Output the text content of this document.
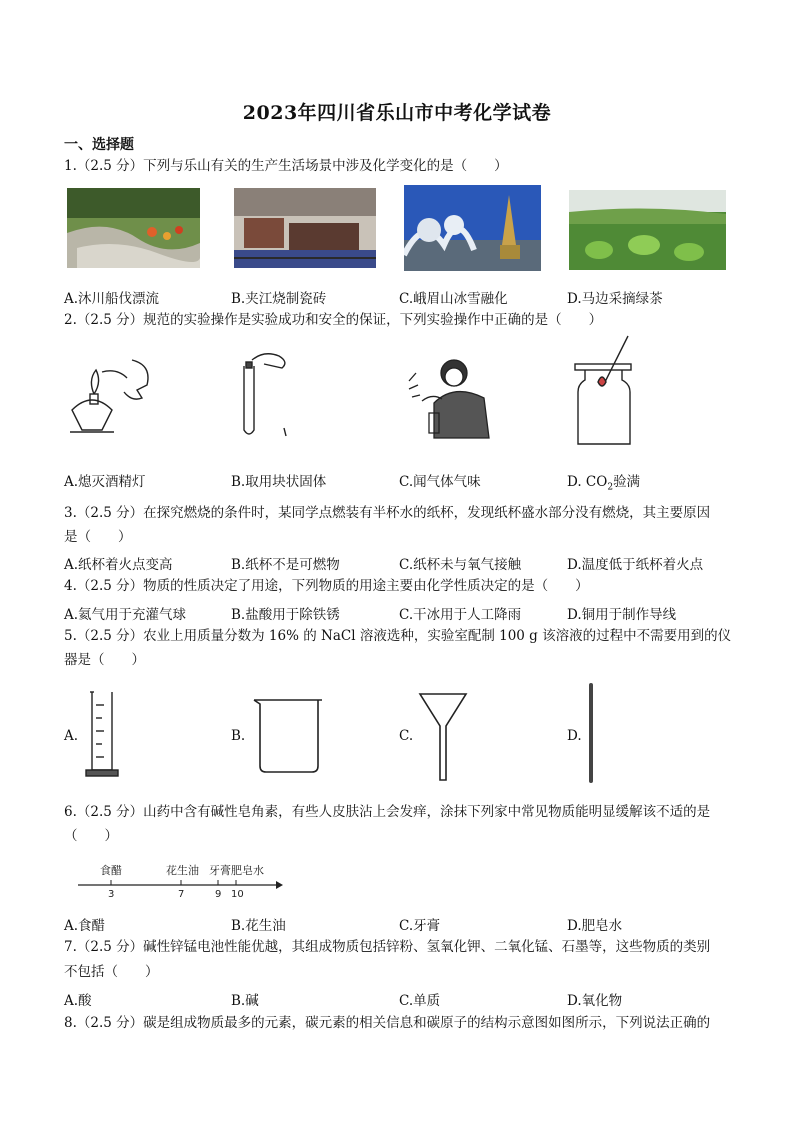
2023年四川省乐山市中考化学试卷
一、选择题
1.（2.5 分）下列与乐山有关的生产生活场景中涉及化学变化的是（　　）
A.沐川船伐漂流	B.夹江烧制瓷砖	C.峨眉山冰雪融化	D.马边采摘绿茶
2.（2.5 分）规范的实验操作是实验成功和安全的保证，下列实验操作中正确的是（　　）
A.熄灭酒精灯	B.取用块状固体	C.闻气体气味	D. $CO_2$验满
3.（2.5 分）在探究燃烧的条件时，某同学点燃装有半杯水的纸杯，发现纸杯盛水部分没有燃烧，其主要原因
是（　　）
A.纸杯着火点变高	B.纸杯不是可燃物	C.纸杯未与氧气接触	D.温度低于纸杯着火点
4.（2.5 分）物质的性质决定了用途，下列物质的用途主要由化学性质决定的是（　　）
A.氦气用于充灌气球	B.盐酸用于除铁锈	C.干冰用于人工降雨	D.铜用于制作导线
5.（2.5 分）农业上用质量分数为 16% 的 NaCl 溶液选种，实验室配制 100 g 该溶液的过程中不需要用到的仪
器是（　　）
A.	B.	C.	D.
6.（2.5 分）山药中含有碱性皂角素，有些人皮肤沾上会发痒，涂抹下列家中常见物质能明显缓解该不适的是
（　　）
食醋	花生油 牙膏 肥皂水
3	7	9 10
A.食醋	B.花生油	C.牙膏	D.肥皂水
7.（2.5 分）碱性锌锰电池性能优越，其组成物质包括锌粉、氢氧化钾、二氧化锰、石墨等，这些物质的类别
不包括（　　）
A.酸	B.碱	C.单质	D.氧化物
8.（2.5 分）碳是组成物质最多的元素，碳元素的相关信息和碳原子的结构示意图如图所示，下列说法正确的
